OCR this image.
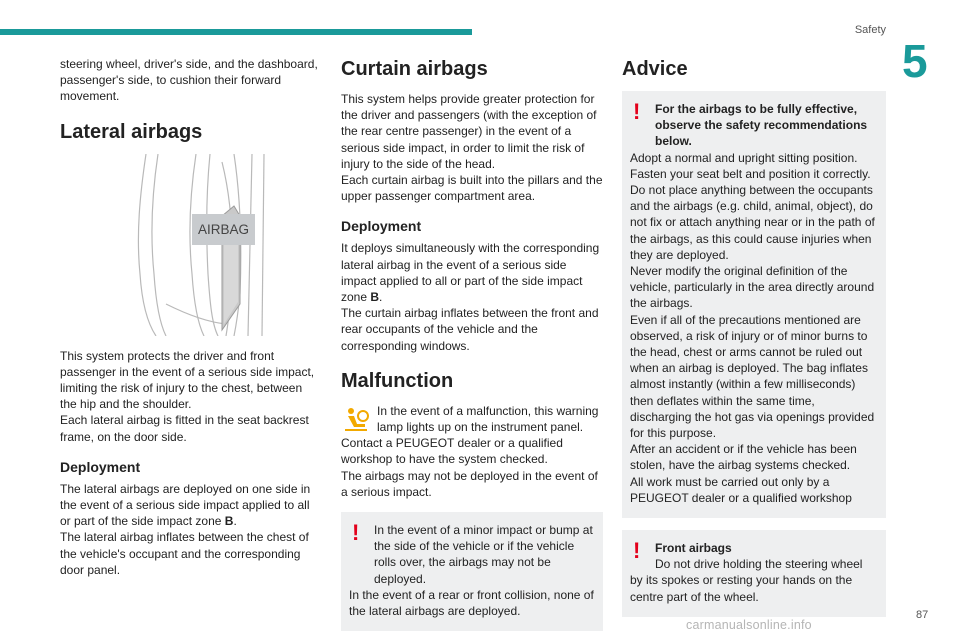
Safety
5

steering wheel, driver's side, and the dashboard, passenger's side, to cushion their forward movement.

Lateral airbags
AIRBAG

This system protects the driver and front passenger in the event of a serious side impact, limiting the risk of injury to the chest, between the hip and the shoulder.

Each lateral airbag is fitted in the seat backrest frame, on the door side.

Deployment

The lateral airbags are deployed on one side in the event of a serious side impact applied to all or part of the side impact zone B.

The lateral airbag inflates between the chest of the vehicle's occupant and the corresponding door panel.

Curtain airbags

This system helps provide greater protection for the driver and passengers (with the exception of the rear centre passenger) in the event of a serious side impact, in order to limit the risk of injury to the side of the head.

Each curtain airbag is built into the pillars and the upper passenger compartment area.

Deployment

It deploys simultaneously with the corresponding lateral airbag in the event of a serious side impact applied to all or part of the side impact zone B.

The curtain airbag inflates between the front and rear occupants of the vehicle and the corresponding windows.

Malfunction

In the event of a malfunction, this warning lamp lights up on the instrument panel.

Contact a PEUGEOT dealer or a qualified workshop to have the system checked.

The airbags may not be deployed in the event of a serious impact.

!	In the event of a minor impact or bump at the side of the vehicle or if the vehicle rolls over, the airbags may not be deployed.

In the event of a rear or front collision, none of the lateral airbags are deployed.

Advice
!	For the airbags to be fully effective, observe the safety recommendations below.

Adopt a normal and upright sitting position.

Fasten your seat belt and position it correctly.

Do not place anything between the occupants and the airbags (e.g. child, animal, object), do not fix or attach anything near or in the path of the airbags, as this could cause injuries when they are deployed.

Never modify the original definition of the vehicle, particularly in the area directly around the airbags.

Even if all of the precautions mentioned are observed, a risk of injury or of minor burns to the head, chest or arms cannot be ruled out when an airbag is deployed. The bag inflates almost instantly (within a few milliseconds) then deflates within the same time, discharging the hot gas via openings provided for this purpose.

After an accident or if the vehicle has been stolen, have the airbag systems checked.

All work must be carried out only by a PEUGEOT dealer or a qualified workshop

!	Front airbags

Do not drive holding the steering wheel by its spokes or resting your hands on the centre part of the wheel.

87
carmanualsonline.info
